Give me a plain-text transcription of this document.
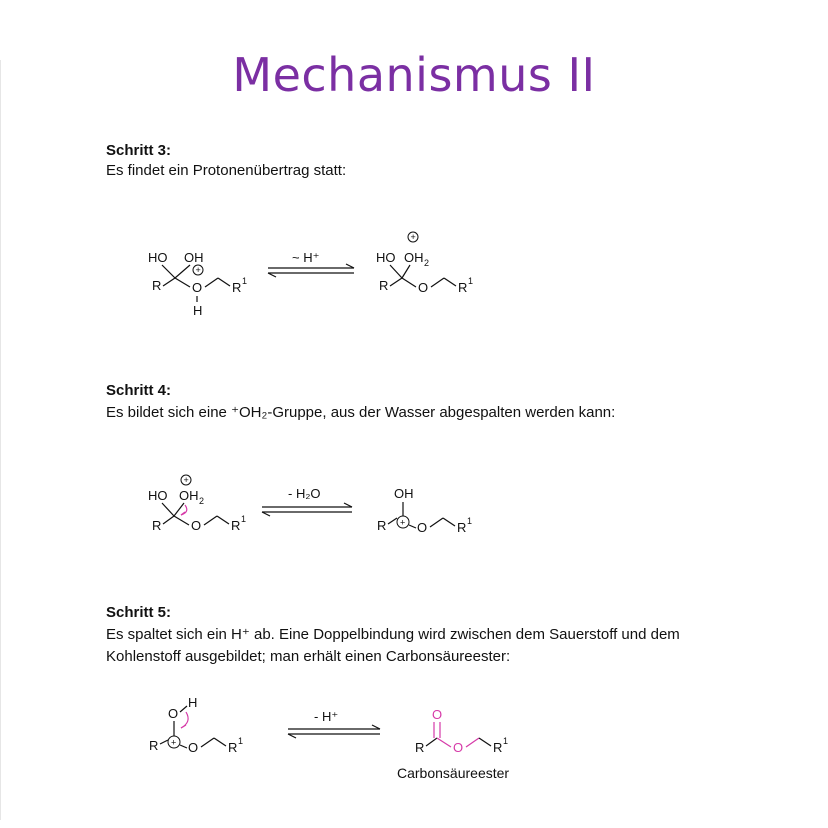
Mechanismus II
Schritt 3:
Es findet ein Protonenübertrag statt:
Schritt 4:
Es bildet sich eine ⁺OH₂-Gruppe, aus der Wasser abgespalten werden kann:
Schritt 5:
Es spaltet sich ein H⁺ ab. Eine Doppelbindung wird zwischen dem Sauerstoff und dem
Kohlenstoff ausgebildet; man erhält einen Carbonsäureester:
HO OH
+
R O R 1
H
~ H⁺
+
HO OH 2
R O R 1
+
HO OH 2
R O R 1
- H₂O	OH
R + O R 1
O
H
R + O R 1
- H⁺	O
R O R 1
Carbonsäureester
